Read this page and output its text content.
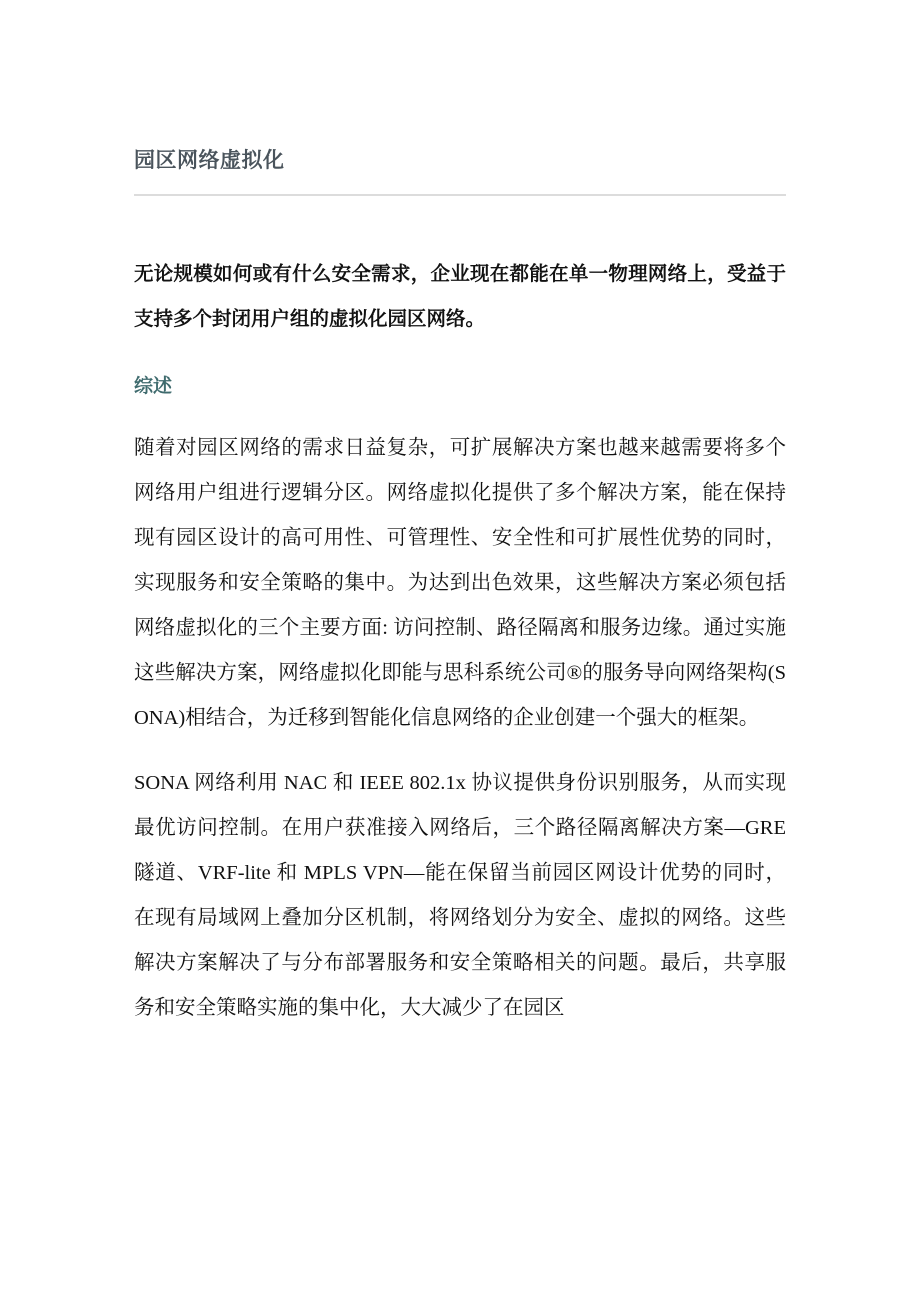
园区网络虚拟化

无论规模如何或有什么安全需求，企业现在都能在单一物理网络上，受益于支持多个封闭用户组的虚拟化园区网络。

综述

随着对园区网络的需求日益复杂，可扩展解决方案也越来越需要将多个网络用户组进行逻辑分区。网络虚拟化提供了多个解决方案，能在保持现有园区设计的高可用性、可管理性、安全性和可扩展性优势的同时，实现服务和安全策略的集中。为达到出色效果，这些解决方案必须包括网络虚拟化的三个主要方面: 访问控制、路径隔离和服务边缘。通过实施这些解决方案，网络虚拟化即能与思科系统公司®的服务导向网络架构(SONA)相结合，为迁移到智能化信息网络的企业创建一个强大的框架。

SONA 网络利用 NAC 和 IEEE 802.1x 协议提供身份识别服务，从而实现最优访问控制。在用户获准接入网络后，三个路径隔离解决方案—GRE 隧道、VRF-lite 和 MPLS VPN—能在保留当前园区网设计优势的同时，在现有局域网上叠加分区机制，将网络划分为安全、虚拟的网络。这些解决方案解决了与分布部署服务和安全策略相关的问题。最后，共享服务和安全策略实施的集中化，大大减少了在园区
